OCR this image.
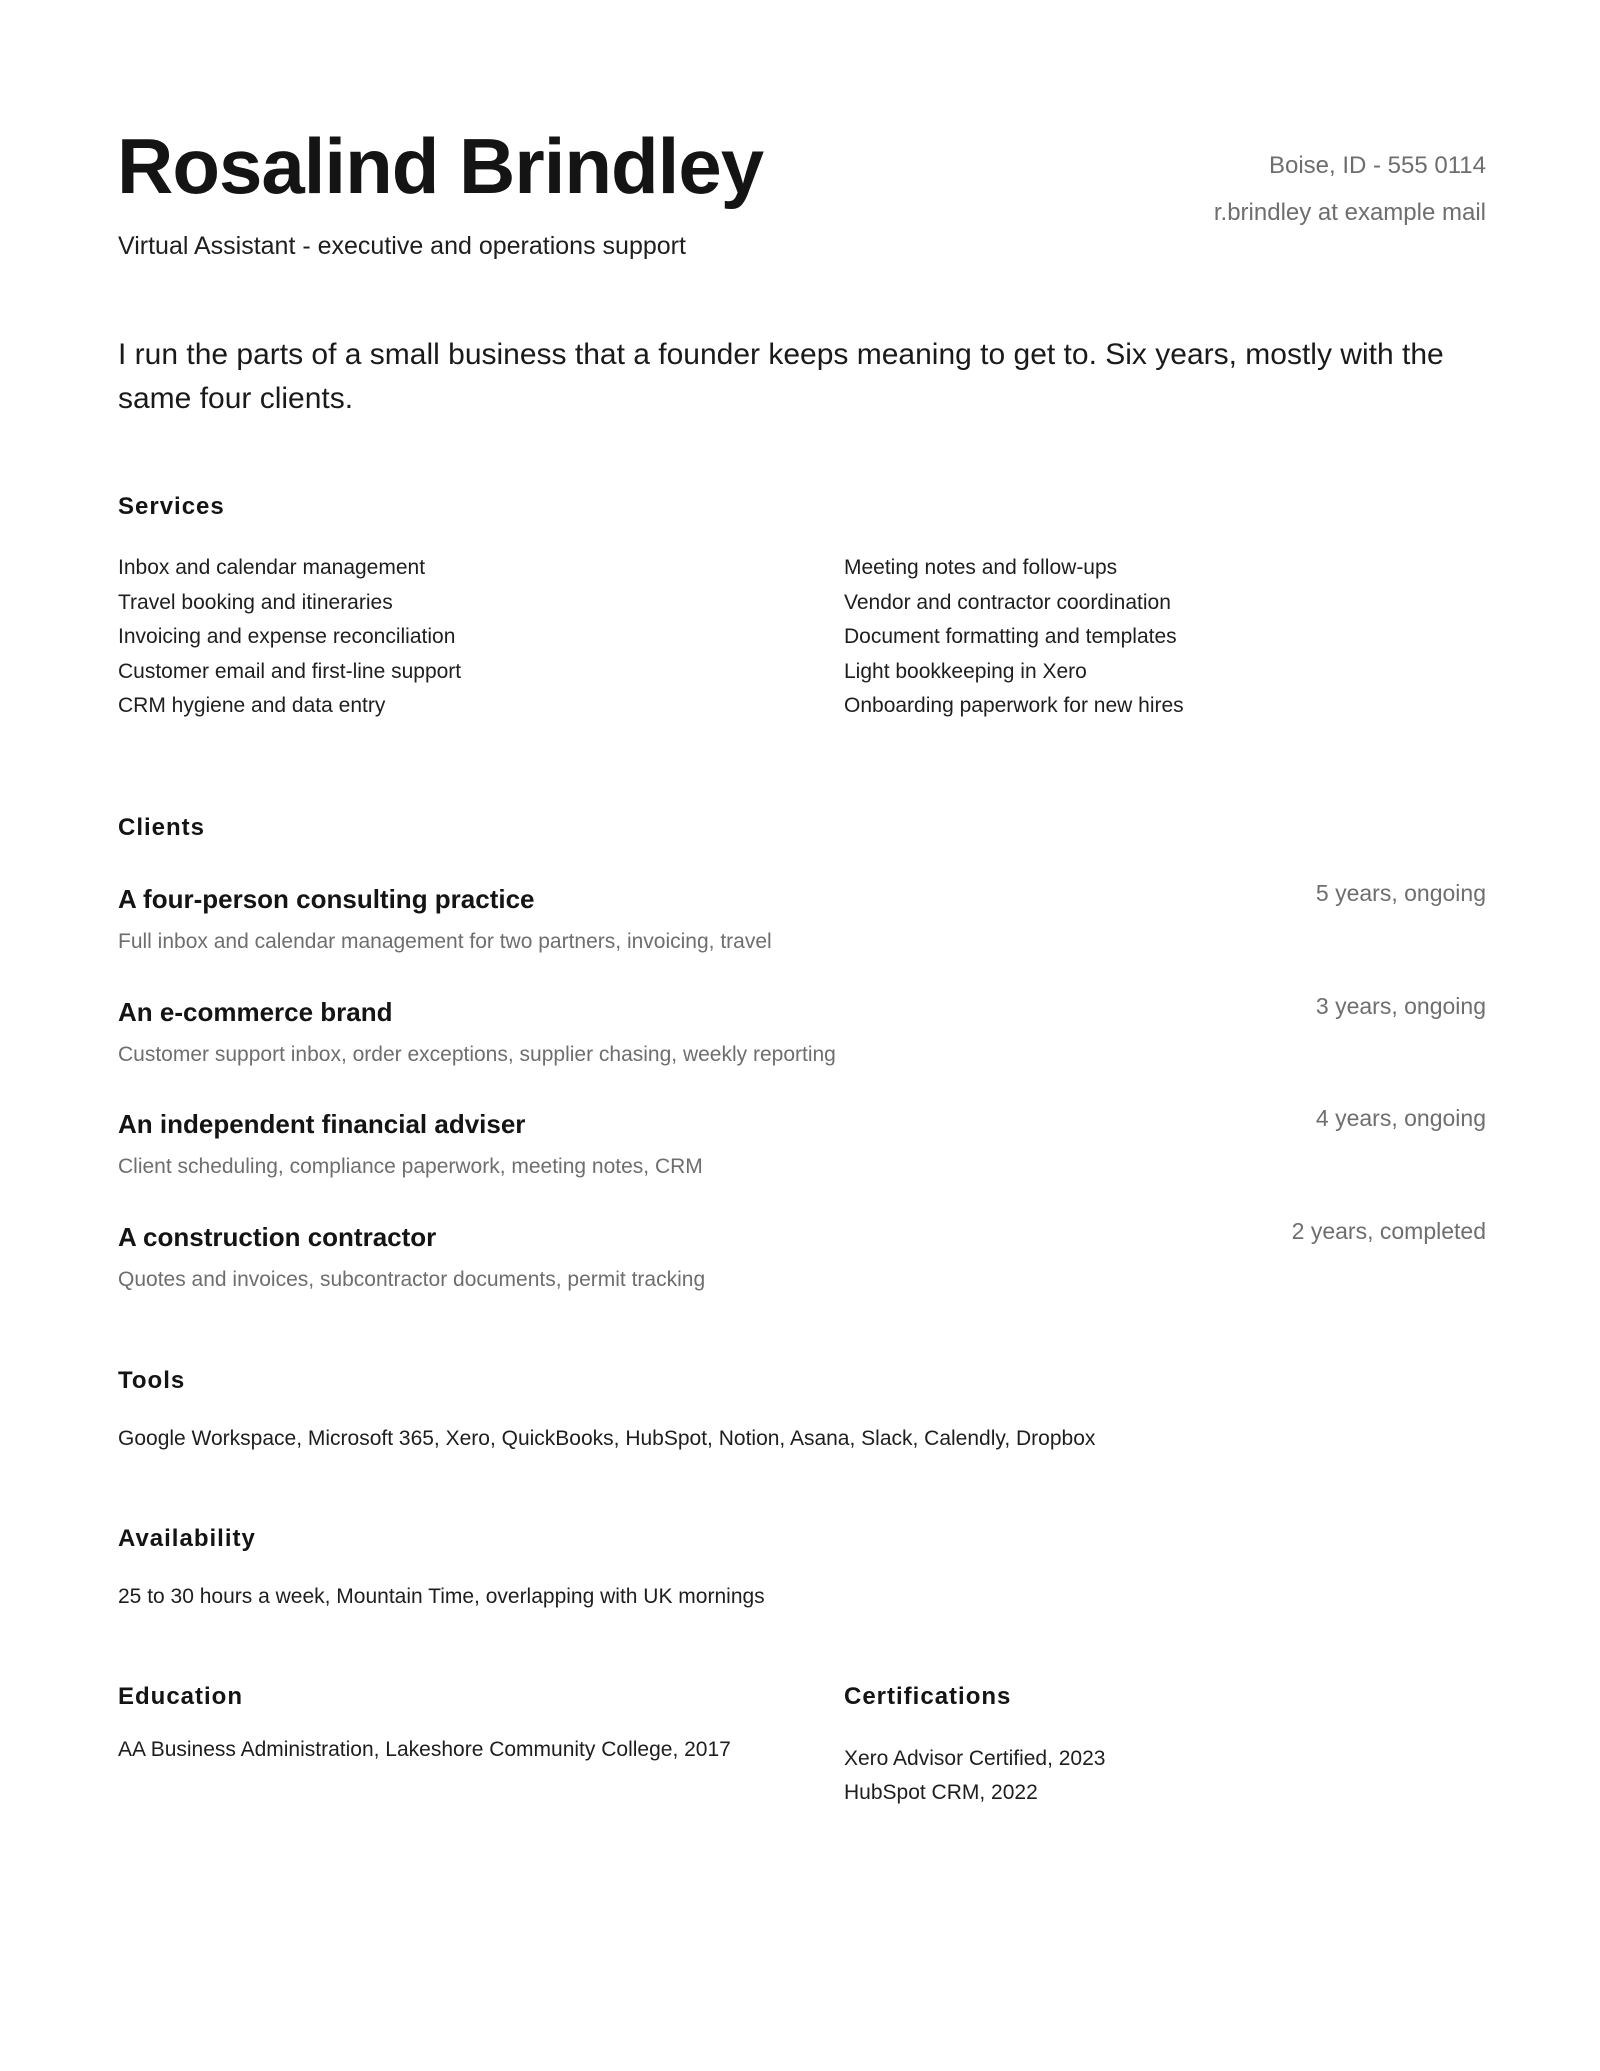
Rosalind Brindley
Virtual Assistant - executive and operations support
Boise, ID - 555 0114
r.brindley at example mail
I run the parts of a small business that a founder keeps meaning to get to. Six years, mostly with the same four clients.
Services
Inbox and calendar management
Travel booking and itineraries
Invoicing and expense reconciliation
Customer email and first-line support
CRM hygiene and data entry
Meeting notes and follow-ups
Vendor and contractor coordination
Document formatting and templates
Light bookkeeping in Xero
Onboarding paperwork for new hires
Clients
A four-person consulting practice	5 years, ongoing
Full inbox and calendar management for two partners, invoicing, travel
An e-commerce brand	3 years, ongoing
Customer support inbox, order exceptions, supplier chasing, weekly reporting
An independent financial adviser	4 years, ongoing
Client scheduling, compliance paperwork, meeting notes, CRM
A construction contractor	2 years, completed
Quotes and invoices, subcontractor documents, permit tracking
Tools
Google Workspace, Microsoft 365, Xero, QuickBooks, HubSpot, Notion, Asana, Slack, Calendly, Dropbox
Availability
25 to 30 hours a week, Mountain Time, overlapping with UK mornings
Education
AA Business Administration, Lakeshore Community College, 2017
Certifications
Xero Advisor Certified, 2023
HubSpot CRM, 2022
